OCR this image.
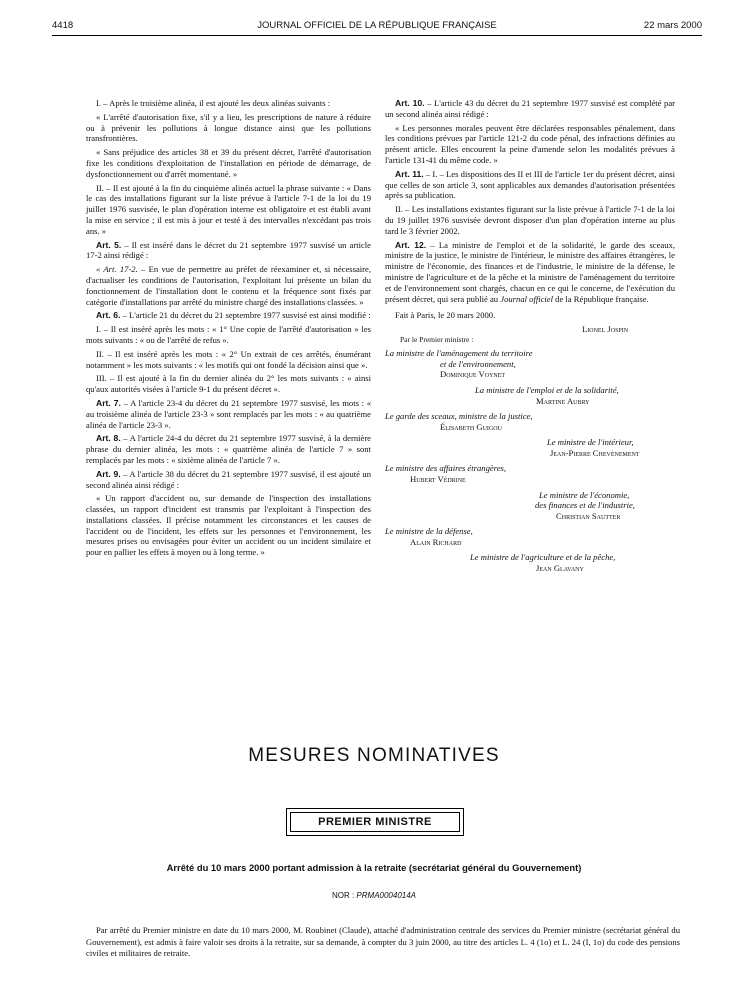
4418	JOURNAL OFFICIEL DE LA RÉPUBLIQUE FRANÇAISE	22 mars 2000

I. – Après le troisième alinéa, il est ajouté les deux alinéas suivants :

« L'arrêté d'autorisation fixe, s'il y a lieu, les prescriptions de nature à réduire ou à prévenir les pollutions à longue distance ainsi que les pollutions transfrontières.

« Sans préjudice des articles 38 et 39 du présent décret, l'arrêté d'autorisation fixe les conditions d'exploitation de l'installation en période de démarrage, de dysfonctionnement ou d'arrêt momentané. »

II. – Il est ajouté à la fin du cinquième alinéa actuel la phrase suivante : « Dans le cas des installations figurant sur la liste prévue à l'article 7-1 de la loi du 19 juillet 1976 susvisée, le plan d'opération interne est obligatoire et est établi avant la mise en service ; il est mis à jour et testé à des intervalles n'excédant pas trois ans. »

Art. 5. – Il est inséré dans le décret du 21 septembre 1977 susvisé un article 17-2 ainsi rédigé :

« Art. 17-2. – En vue de permettre au préfet de réexaminer et, si nécessaire, d'actualiser les conditions de l'autorisation, l'exploitant lui présente un bilan du fonctionnement de l'installation dont le contenu et la fréquence sont fixés par catégorie d'installations par arrêté du ministre chargé des installations classées. »

Art. 6. – L'article 21 du décret du 21 septembre 1977 susvisé est ainsi modifié :

I. – Il est inséré après les mots : « 1° Une copie de l'arrêté d'autorisation » les mots suivants : « ou de l'arrêté de refus ».

II. – Il est inséré après les mots : « 2° Un extrait de ces arrêtés, énumérant notamment » les mots suivants : « les motifs qui ont fondé la décision ainsi que ».

III. – Il est ajouté à la fin du dernier alinéa du 2° les mots suivants : « ainsi qu'aux autorités visées à l'article 9-1 du présent décret ».

Art. 7. – A l'article 23-4 du décret du 21 septembre 1977 susvisé, les mots : « au troisième alinéa de l'article 23-3 » sont remplacés par les mots : « au quatrième alinéa de l'article 23-3 ».

Art. 8. – A l'article 24-4 du décret du 21 septembre 1977 susvisé, à la dernière phrase du dernier alinéa, les mots : « quatrième alinéa de l'article 7 » sont remplacés par les mots : « sixième alinéa de l'article 7 ».

Art. 9. – A l'article 38 du décret du 21 septembre 1977 susvisé, il est ajouté un second alinéa ainsi rédigé :

« Un rapport d'accident ou, sur demande de l'inspection des installations classées, un rapport d'incident est transmis par l'exploitant à l'inspection des installations classées. Il précise notamment les circonstances et les causes de l'accident ou de l'incident, les effets sur les personnes et l'environnement, les mesures prises ou envisagées pour éviter un accident ou un incident similaire et pour en pallier les effets à moyen ou à long terme. »

Art. 10. – L'article 43 du décret du 21 septembre 1977 susvisé est complété par un second alinéa ainsi rédigé :

« Les personnes morales peuvent être déclarées responsables pénalement, dans les conditions prévues par l'article 121-2 du code pénal, des infractions définies au présent article. Elles encourent la peine d'amende selon les modalités prévues à l'article 131-41 du même code. »

Art. 11. – I. – Les dispositions des II et III de l'article 1er du présent décret, ainsi que celles de son article 3, sont applicables aux demandes d'autorisation présentées après sa publication.

II. – Les installations existantes figurant sur la liste prévue à l'article 7-1 de la loi du 19 juillet 1976 susvisée devront disposer d'un plan d'opération interne au plus tard le 3 février 2002.

Art. 12. – La ministre de l'emploi et de la solidarité, le garde des sceaux, ministre de la justice, le ministre de l'intérieur, le ministre des affaires étrangères, le ministre de l'économie, des finances et de l'industrie, le ministre de la défense, le ministre de l'agriculture et de la pêche et la ministre de l'aménagement du territoire et de l'environnement sont chargés, chacun en ce qui le concerne, de l'exécution du présent décret, qui sera publié au Journal officiel de la République française.

Fait à Paris, le 20 mars 2000.
Lionel Jospin
Par le Premier ministre :
La ministre de l'aménagement du territoire
et de l'environnement,
Dominique Voynet
La ministre de l'emploi et de la solidarité,
Martine Aubry
Le garde des sceaux, ministre de la justice,
Élisabeth Guigou
Le ministre de l'intérieur,
Jean-Pierre Chevènement
Le ministre des affaires étrangères,
Hubert Védrine
Le ministre de l'économie,
des finances et de l'industrie,
Christian Sautter
Le ministre de la défense,
Alain Richard
Le ministre de l'agriculture et de la pêche,
Jean Glavany
MESURES NOMINATIVES
PREMIER MINISTRE
Arrêté du 10 mars 2000 portant admission à la retraite (secrétariat général du Gouvernement)
NOR : PRMA0004014A
Par arrêté du Premier ministre en date du 10 mars 2000, M. Roubinet (Claude), attaché d'administration centrale des services du Premier ministre (secrétariat général du Gouvernement), est admis à faire valoir ses droits à la retraite, sur sa demande, à compter du 3 juin 2000, au titre des articles L. 4 (1o) et L. 24 (I, 1o) du code des pensions civiles et militaires de retraite.
